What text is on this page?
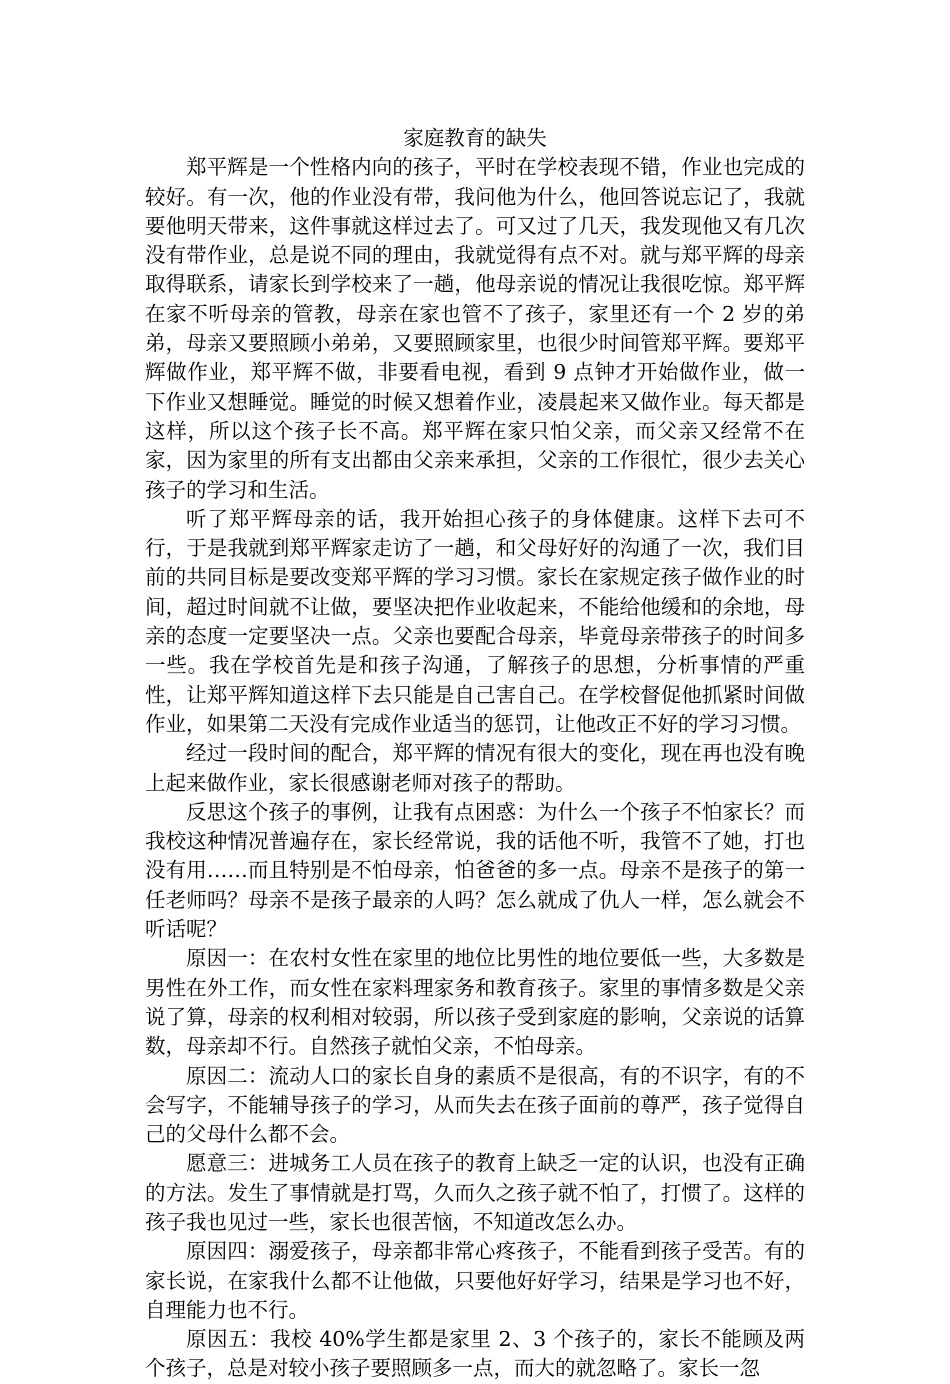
家庭教育的缺失

郑平辉是一个性格内向的孩子，平时在学校表现不错，作业也完成的较好。有一次，他的作业没有带，我问他为什么，他回答说忘记了，我就要他明天带来，这件事就这样过去了。可又过了几天，我发现他又有几次没有带作业，总是说不同的理由，我就觉得有点不对。就与郑平辉的母亲取得联系，请家长到学校来了一趟，他母亲说的情况让我很吃惊。郑平辉在家不听母亲的管教，母亲在家也管不了孩子，家里还有一个 2 岁的弟弟，母亲又要照顾小弟弟，又要照顾家里，也很少时间管郑平辉。要郑平辉做作业，郑平辉不做，非要看电视，看到 9 点钟才开始做作业，做一下作业又想睡觉。睡觉的时候又想着作业，凌晨起来又做作业。每天都是这样，所以这个孩子长不高。郑平辉在家只怕父亲，而父亲又经常不在家，因为家里的所有支出都由父亲来承担，父亲的工作很忙，很少去关心孩子的学习和生活。

听了郑平辉母亲的话，我开始担心孩子的身体健康。这样下去可不行，于是我就到郑平辉家走访了一趟，和父母好好的沟通了一次，我们目前的共同目标是要改变郑平辉的学习习惯。家长在家规定孩子做作业的时间，超过时间就不让做，要坚决把作业收起来，不能给他缓和的余地，母亲的态度一定要坚决一点。父亲也要配合母亲，毕竟母亲带孩子的时间多一些。我在学校首先是和孩子沟通，了解孩子的思想，分析事情的严重性，让郑平辉知道这样下去只能是自己害自己。在学校督促他抓紧时间做作业，如果第二天没有完成作业适当的惩罚，让他改正不好的学习习惯。

经过一段时间的配合，郑平辉的情况有很大的变化，现在再也没有晚上起来做作业，家长很感谢老师对孩子的帮助。

反思这个孩子的事例，让我有点困惑：为什么一个孩子不怕家长？而我校这种情况普遍存在，家长经常说，我的话他不听，我管不了她，打也没有用……而且特别是不怕母亲，怕爸爸的多一点。母亲不是孩子的第一任老师吗？母亲不是孩子最亲的人吗？怎么就成了仇人一样，怎么就会不听话呢？

原因一：在农村女性在家里的地位比男性的地位要低一些，大多数是男性在外工作，而女性在家料理家务和教育孩子。家里的事情多数是父亲说了算，母亲的权利相对较弱，所以孩子受到家庭的影响，父亲说的话算数，母亲却不行。自然孩子就怕父亲，不怕母亲。

原因二：流动人口的家长自身的素质不是很高，有的不识字，有的不会写字，不能辅导孩子的学习，从而失去在孩子面前的尊严，孩子觉得自己的父母什么都不会。

愿意三：进城务工人员在孩子的教育上缺乏一定的认识，也没有正确的方法。发生了事情就是打骂，久而久之孩子就不怕了，打惯了。这样的孩子我也见过一些，家长也很苦恼，不知道改怎么办。

原因四：溺爱孩子，母亲都非常心疼孩子，不能看到孩子受苦。有的家长说，在家我什么都不让他做，只要他好好学习，结果是学习也不好，自理能力也不行。

原因五：我校 40%学生都是家里 2、3 个孩子的，家长不能顾及两个孩子，总是对较小孩子要照顾多一点，而大的就忽略了。家长一忽
